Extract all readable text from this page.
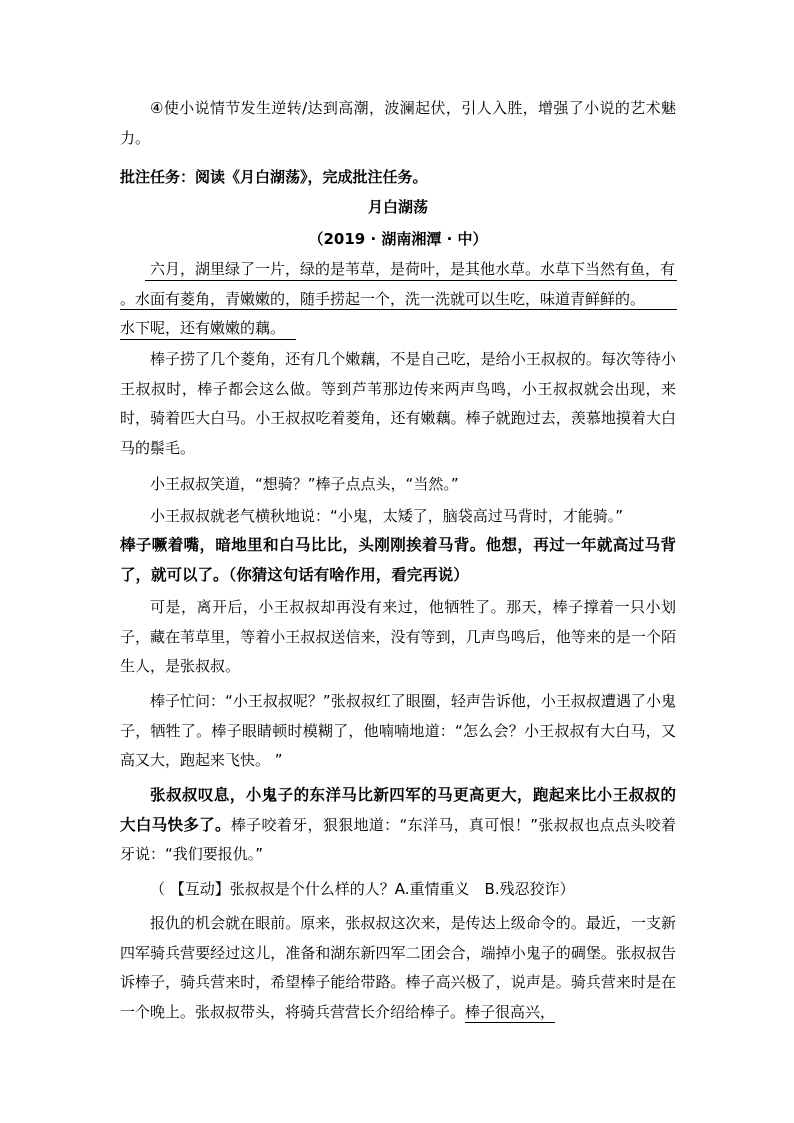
④使小说情节发生逆转/达到高潮，波澜起伏，引人入胜，增强了小说的艺术魅力。

批注任务：阅读《月白湖荡》，完成批注任务。

月白湖荡

（2019 · 湖南湘潭 · 中）

六月，湖里绿了一片，绿的是苇草，是荷叶，是其他水草。水草下当然有鱼，有
。水面有菱角，青嫩嫩的，随手捞起一个，洗一洗就可以生吃，味道青鲜鲜的。
水下呢，还有嫩嫩的藕。

棒子捞了几个菱角，还有几个嫩藕，不是自己吃，是给小王叔叔的。每次等待小王叔叔时，棒子都会这么做。等到芦苇那边传来两声鸟鸣，小王叔叔就会出现，来时，骑着匹大白马。小王叔叔吃着菱角，还有嫩藕。棒子就跑过去，羡慕地摸着大白马的鬃毛。

小王叔叔笑道，“想骑？”棒子点点头，“当然。”

小王叔叔就老气横秋地说：“小鬼，太矮了，脑袋高过马背时，才能骑。”

棒子噘着嘴，暗地里和白马比比，头刚刚挨着马背。他想，再过一年就高过马背了，就可以了。（你猜这句话有啥作用，看完再说）

可是，离开后，小王叔叔却再没有来过，他牺牲了。那天，棒子撑着一只小划子，藏在苇草里，等着小王叔叔送信来，没有等到，几声鸟鸣后，他等来的是一个陌生人，是张叔叔。

棒子忙问：“小王叔叔呢？”张叔叔红了眼圈，轻声告诉他，小王叔叔遭遇了小鬼子，牺牲了。棒子眼睛顿时模糊了，他喃喃地道：“怎么会？小王叔叔有大白马，又高又大，跑起来飞快。 ”

张叔叔叹息，小鬼子的东洋马比新四军的马更高更大，跑起来比小王叔叔的大白马快多了。棒子咬着牙，狠狠地道：“东洋马，真可恨！”张叔叔也点点头咬着牙说：“我们要报仇。”

（ 【互动】张叔叔是个什么样的人？A.重情重义　B.残忍狡诈）

报仇的机会就在眼前。原来，张叔叔这次来，是传达上级命令的。最近，一支新四军骑兵营要经过这儿，准备和湖东新四军二团会合，端掉小鬼子的碉堡。张叔叔告诉棒子，骑兵营来时，希望棒子能给带路。棒子高兴极了，说声是。骑兵营来时是在一个晚上。张叔叔带头，将骑兵营营长介绍给棒子。棒子很高兴，
